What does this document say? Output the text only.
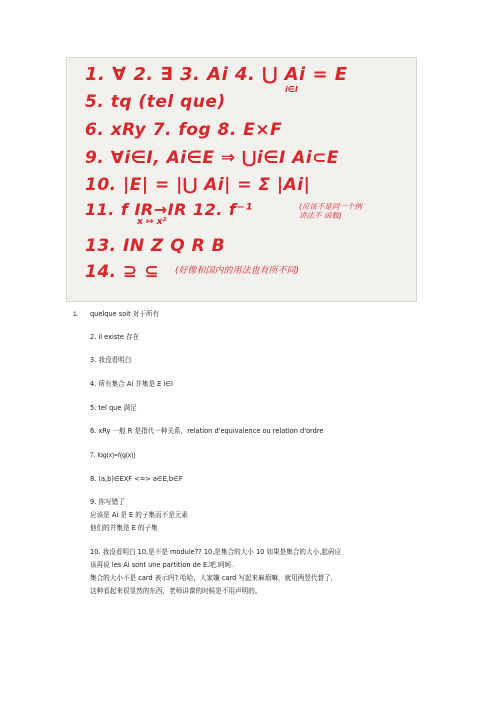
1. ∀ 2. ∃ 3. Ai 4. ⋃ Ai = E
i∈I
5. tq (tel que)
6. xRy 7. fog 8. E×F
9. ∀i∈I, Ai∈E ⇒ ⋃i∈I Ai⊂E
10. |E| = |⋃ Ai| = Σ |Ai|
11. f IR→IR 12. f⁻¹
x ↦ x²
(应该不是同一个例
讲法不 函数)
13. IN Z Q R B
14. ⊇ ⊆ (好像和国内的用法也有所不同)
1. quelque soit 对于所有
2. il existe 存在
3. 我没看明白
4. 所有集合 Ai 并集是 E i∈I
5. tel que 满足
6. xRy 一般 R 是指代一种关系，relation d'equivalence ou relation d'ordre
7. fog(x)=f(g(x))
8. (a,b)∈EXF <=> a∈E,b∈F
9. 你写错了
应该是 Ai 是 E 的子集而不是元素
他们的并集是 E 的子集
10. 我没看明白 10,是不是 module?? 10,是集合的大小 10 如果是集合的大小,起码应
该再说 les Ai sont une partition de E.吧.呵呵.
集合的大小不是 card 表示吗? 哈哈，人家嫌 card 写起来麻烦嘛，就用两竖代替了，
这种看起来很显然的东西，老师讲课的时候是不用声明的。
